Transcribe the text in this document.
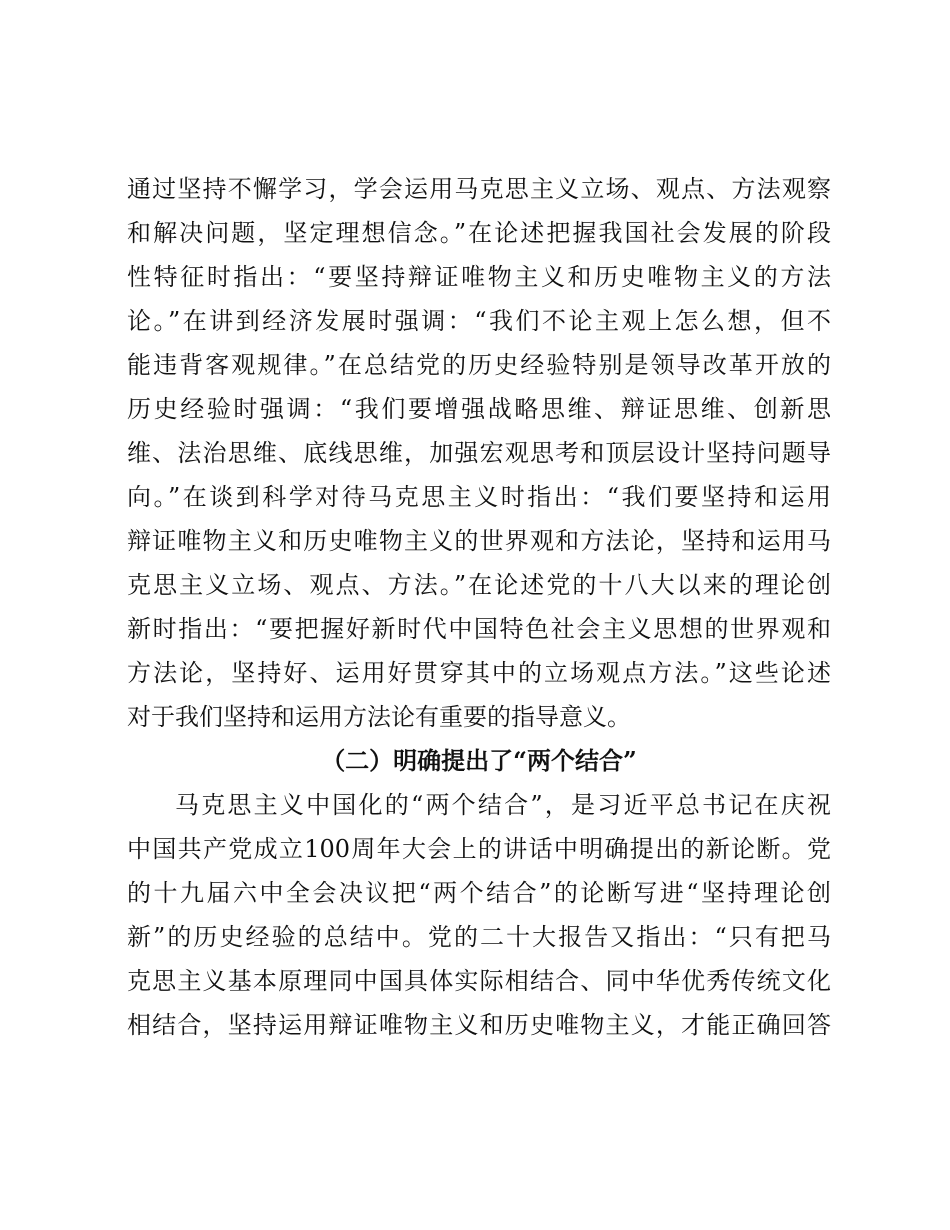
通过坚持不懈学习，学会运用马克思主义立场、观点、方法观察
和解决问题，坚定理想信念。”在论述把握我国社会发展的阶段
性特征时指出：“要坚持辩证唯物主义和历史唯物主义的方法
论。”在讲到经济发展时强调：“我们不论主观上怎么想，但不
能违背客观规律。”在总结党的历史经验特别是领导改革开放的
历史经验时强调：“我们要增强战略思维、辩证思维、创新思
维、法治思维、底线思维，加强宏观思考和顶层设计坚持问题导
向。”在谈到科学对待马克思主义时指出：“我们要坚持和运用
辩证唯物主义和历史唯物主义的世界观和方法论，坚持和运用马
克思主义立场、观点、方法。”在论述党的十八大以来的理论创
新时指出：“要把握好新时代中国特色社会主义思想的世界观和
方法论，坚持好、运用好贯穿其中的立场观点方法。”这些论述
对于我们坚持和运用方法论有重要的指导意义。
（二）明确提出了“两个结合”
马克思主义中国化的“两个结合”，是习近平总书记在庆祝
中国共产党成立100周年大会上的讲话中明确提出的新论断。党
的十九届六中全会决议把“两个结合”的论断写进“坚持理论创
新”的历史经验的总结中。党的二十大报告又指出：“只有把马
克思主义基本原理同中国具体实际相结合、同中华优秀传统文化
相结合，坚持运用辩证唯物主义和历史唯物主义，才能正确回答
